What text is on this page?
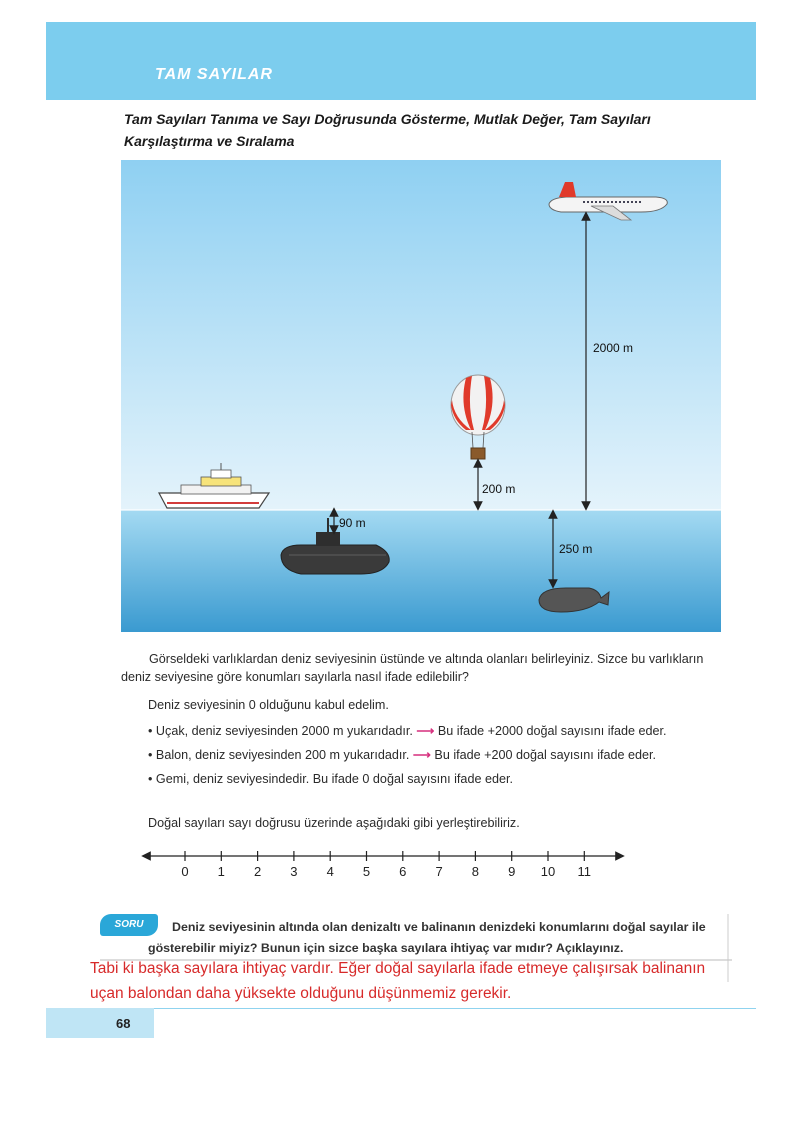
TAM SAYILAR
Tam Sayıları Tanıma ve Sayı Doğrusunda Gösterme, Mutlak Değer, Tam Sayıları Karşılaştırma ve Sıralama
2000 m
200 m
90 m
250 m
Görseldeki varlıklardan deniz seviyesinin üstünde ve altında olanları belirleyiniz. Sizce bu varlıkların deniz seviyesine göre konumları sayılarla nasıl ifade edilebilir?
Deniz seviyesinin 0 olduğunu kabul edelim.
• Uçak, deniz seviyesinden 2000 m yukarıdadır. ⟶ Bu ifade +2000 doğal sayısını ifade eder.
• Balon, deniz seviyesinden 200 m yukarıdadır. ⟶ Bu ifade +200 doğal sayısını ifade eder.
• Gemi, deniz seviyesindedir. Bu ifade 0 doğal sayısını ifade eder.
Doğal sayıları sayı doğrusu üzerinde aşağıdaki gibi yerleştirebiliriz.
0 1 2 3 4 5 6 7 8 9 10 11
SORU	Deniz seviyesinin altında olan denizaltı ve balinanın denizdeki konumlarını doğal sayılar ile gösterebilir miyiz? Bunun için sizce başka sayılara ihtiyaç var mıdır? Açıklayınız.
Tabi ki başka sayılara ihtiyaç vardır. Eğer doğal sayılarla ifade etmeye çalışırsak balinanın uçan balondan daha yüksekte olduğunu düşünmemiz gerekir.
68
